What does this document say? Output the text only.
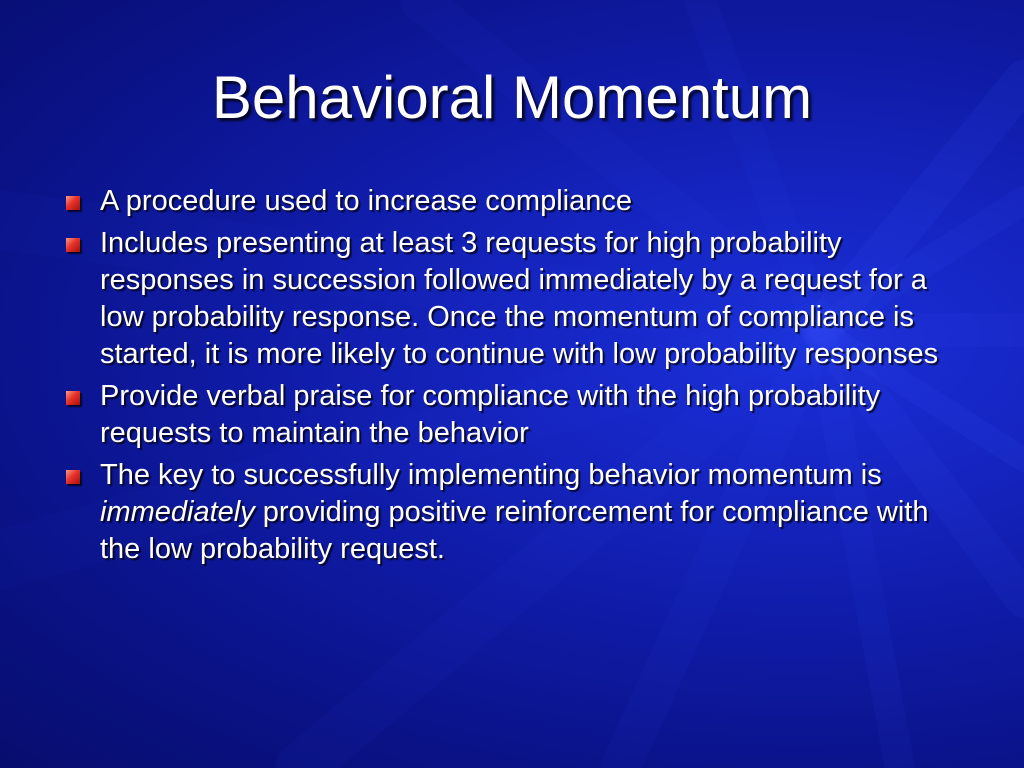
Behavioral Momentum
A procedure used to increase compliance
Includes presenting at least 3 requests for high probability responses in succession followed immediately by a request for a low probability response. Once the momentum of compliance is started, it is more likely to continue with low probability responses
Provide verbal praise for compliance with the high probability requests to maintain the behavior
The key to successfully implementing behavior momentum is immediately providing positive reinforcement for compliance with the low probability request.
